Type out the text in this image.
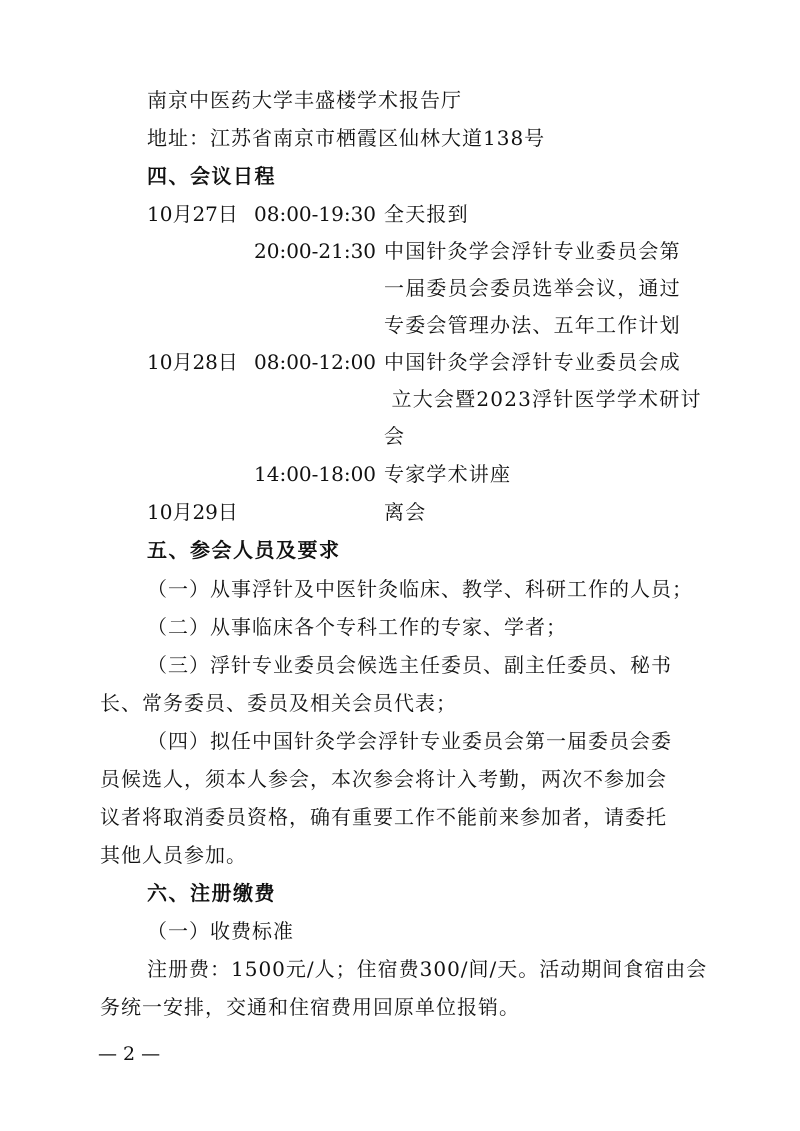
南京中医药大学丰盛楼学术报告厅
地址：江苏省南京市栖霞区仙林大道138号
四、会议日程
10月27日 08:00-19:30 全天报到
20:00-21:30 中国针灸学会浮针专业委员会第
一届委员会委员选举会议，通过
专委会管理办法、五年工作计划
10月28日 08:00-12:00 中国针灸学会浮针专业委员会成
立大会暨2023浮针医学学术研讨
会
14:00-18:00 专家学术讲座
10月29日	离会
五、参会人员及要求
（一）从事浮针及中医针灸临床、教学、科研工作的人员；
（二）从事临床各个专科工作的专家、学者；
（三）浮针专业委员会候选主任委员、副主任委员、秘书
长、常务委员、委员及相关会员代表；
（四）拟任中国针灸学会浮针专业委员会第一届委员会委
员候选人，须本人参会，本次参会将计入考勤，两次不参加会
议者将取消委员资格，确有重要工作不能前来参加者，请委托
其他人员参加。
六、注册缴费
（一）收费标准
注册费：1500元/人；住宿费300/间/天。活动期间食宿由会
务统一安排，交通和住宿费用回原单位报销。
— 2 —
